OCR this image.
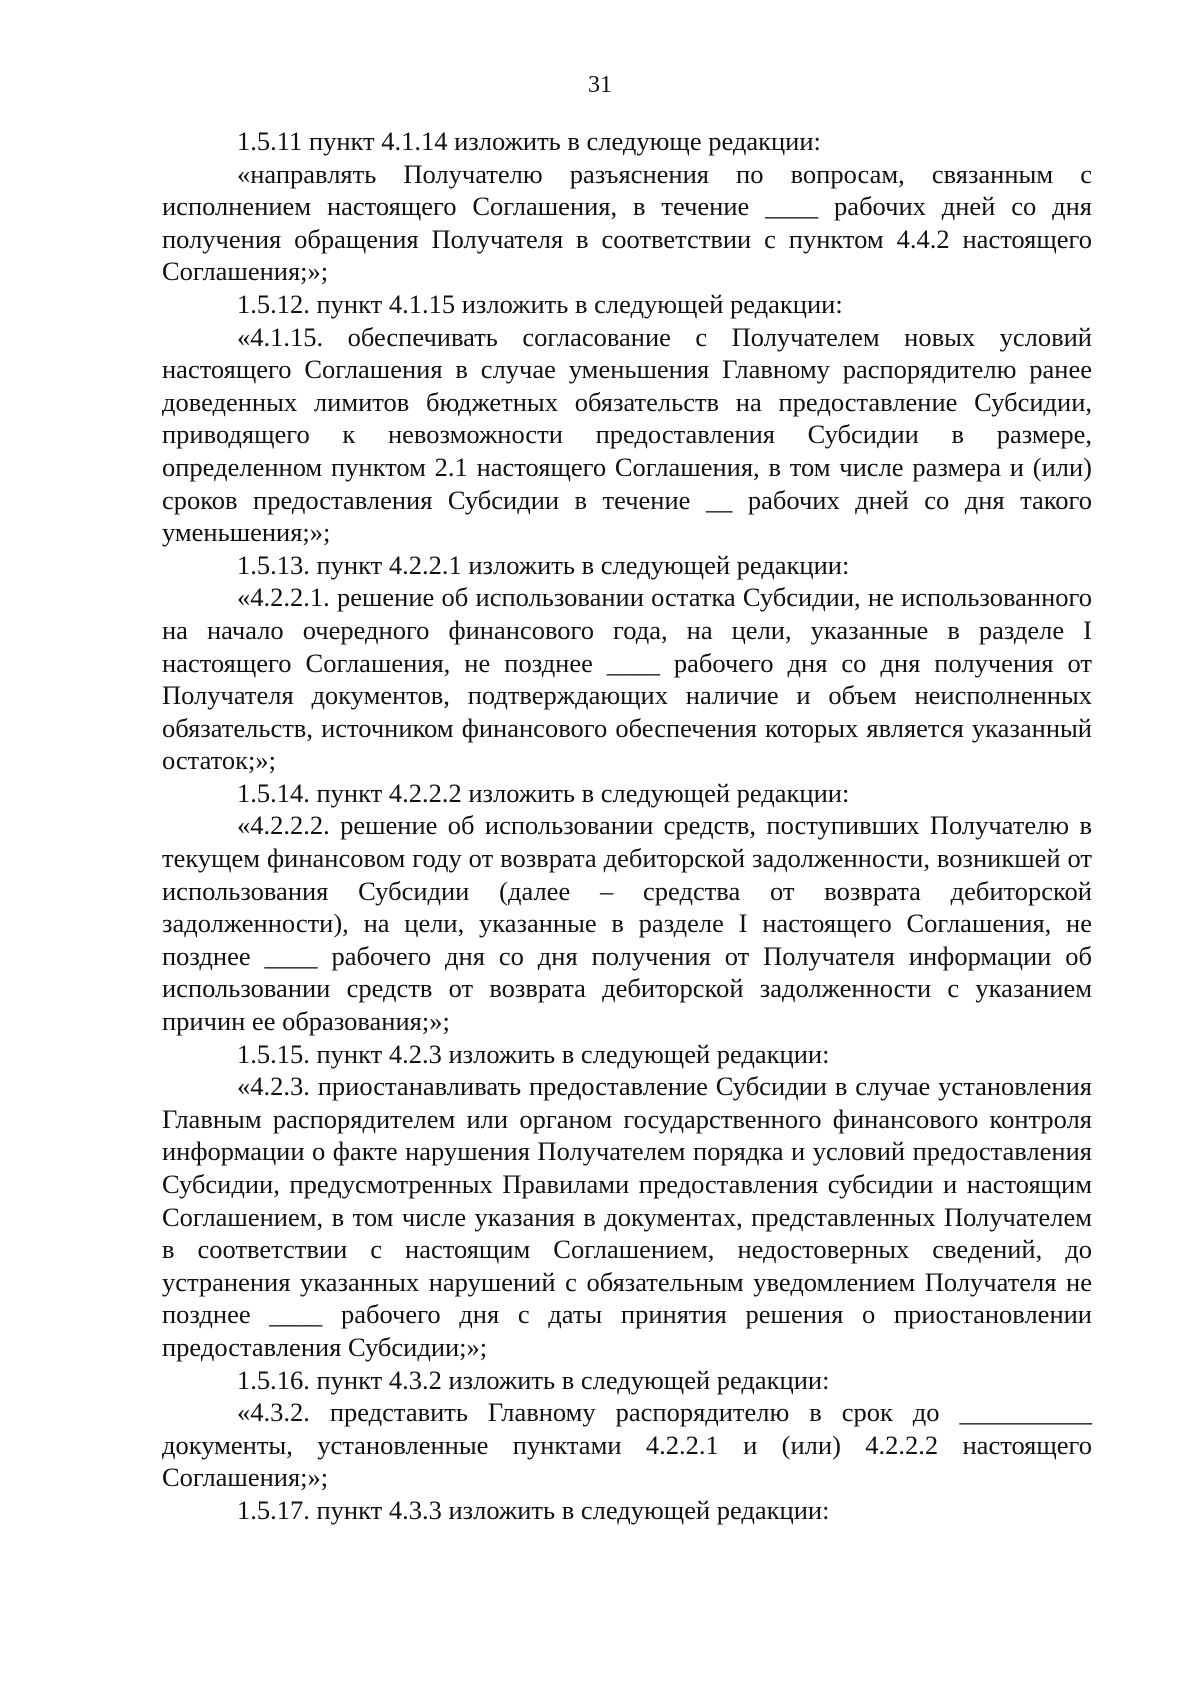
31

1.5.11 пункт 4.1.14 изложить в следующе редакции:

«направлять Получателю разъяснения по вопросам, связанным с исполнением настоящего Соглашения, в течение ____ рабочих дней со дня получения обращения Получателя в соответствии с пунктом 4.4.2 настоящего Соглашения;»;

1.5.12. пункт 4.1.15 изложить в следующей редакции:

«4.1.15. обеспечивать согласование с Получателем новых условий настоящего Соглашения в случае уменьшения Главному распорядителю ранее доведенных лимитов бюджетных обязательств на предоставление Субсидии, приводящего к невозможности предоставления Субсидии в размере, определенном пунктом 2.1 настоящего Соглашения, в том числе размера и (или) сроков предоставления Субсидии в течение __ рабочих дней со дня такого уменьшения;»;

1.5.13. пункт 4.2.2.1 изложить в следующей редакции:

«4.2.2.1. решение об использовании остатка Субсидии, не использованного на начало очередного финансового года, на цели, указанные в разделе I настоящего Соглашения, не позднее ____ рабочего дня со дня получения от Получателя документов, подтверждающих наличие и объем неисполненных обязательств, источником финансового обеспечения которых является указанный остаток;»;

1.5.14. пункт 4.2.2.2 изложить в следующей редакции:

«4.2.2.2. решение об использовании средств, поступивших Получателю в текущем финансовом году от возврата дебиторской задолженности, возникшей от использования Субсидии (далее – средства от возврата дебиторской задолженности), на цели, указанные в разделе I настоящего Соглашения, не позднее ____ рабочего дня со дня получения от Получателя информации об использовании средств от возврата дебиторской задолженности с указанием причин ее образования;»;

1.5.15. пункт 4.2.3 изложить в следующей редакции:

«4.2.3. приостанавливать предоставление Субсидии в случае установления Главным распорядителем или органом государственного финансового контроля информации о факте нарушения Получателем порядка и условий предоставления Субсидии, предусмотренных Правилами предоставления субсидии и настоящим Соглашением, в том числе указания в документах, представленных Получателем в соответствии с настоящим Соглашением, недостоверных сведений, до устранения указанных нарушений с обязательным уведомлением Получателя не позднее ____ рабочего дня с даты принятия решения о приостановлении предоставления Субсидии;»;

1.5.16. пункт 4.3.2 изложить в следующей редакции:

«4.3.2. представить Главному распорядителю в срок до __________ документы, установленные пунктами 4.2.2.1 и (или) 4.2.2.2 настоящего Соглашения;»;

1.5.17. пункт 4.3.3 изложить в следующей редакции:
